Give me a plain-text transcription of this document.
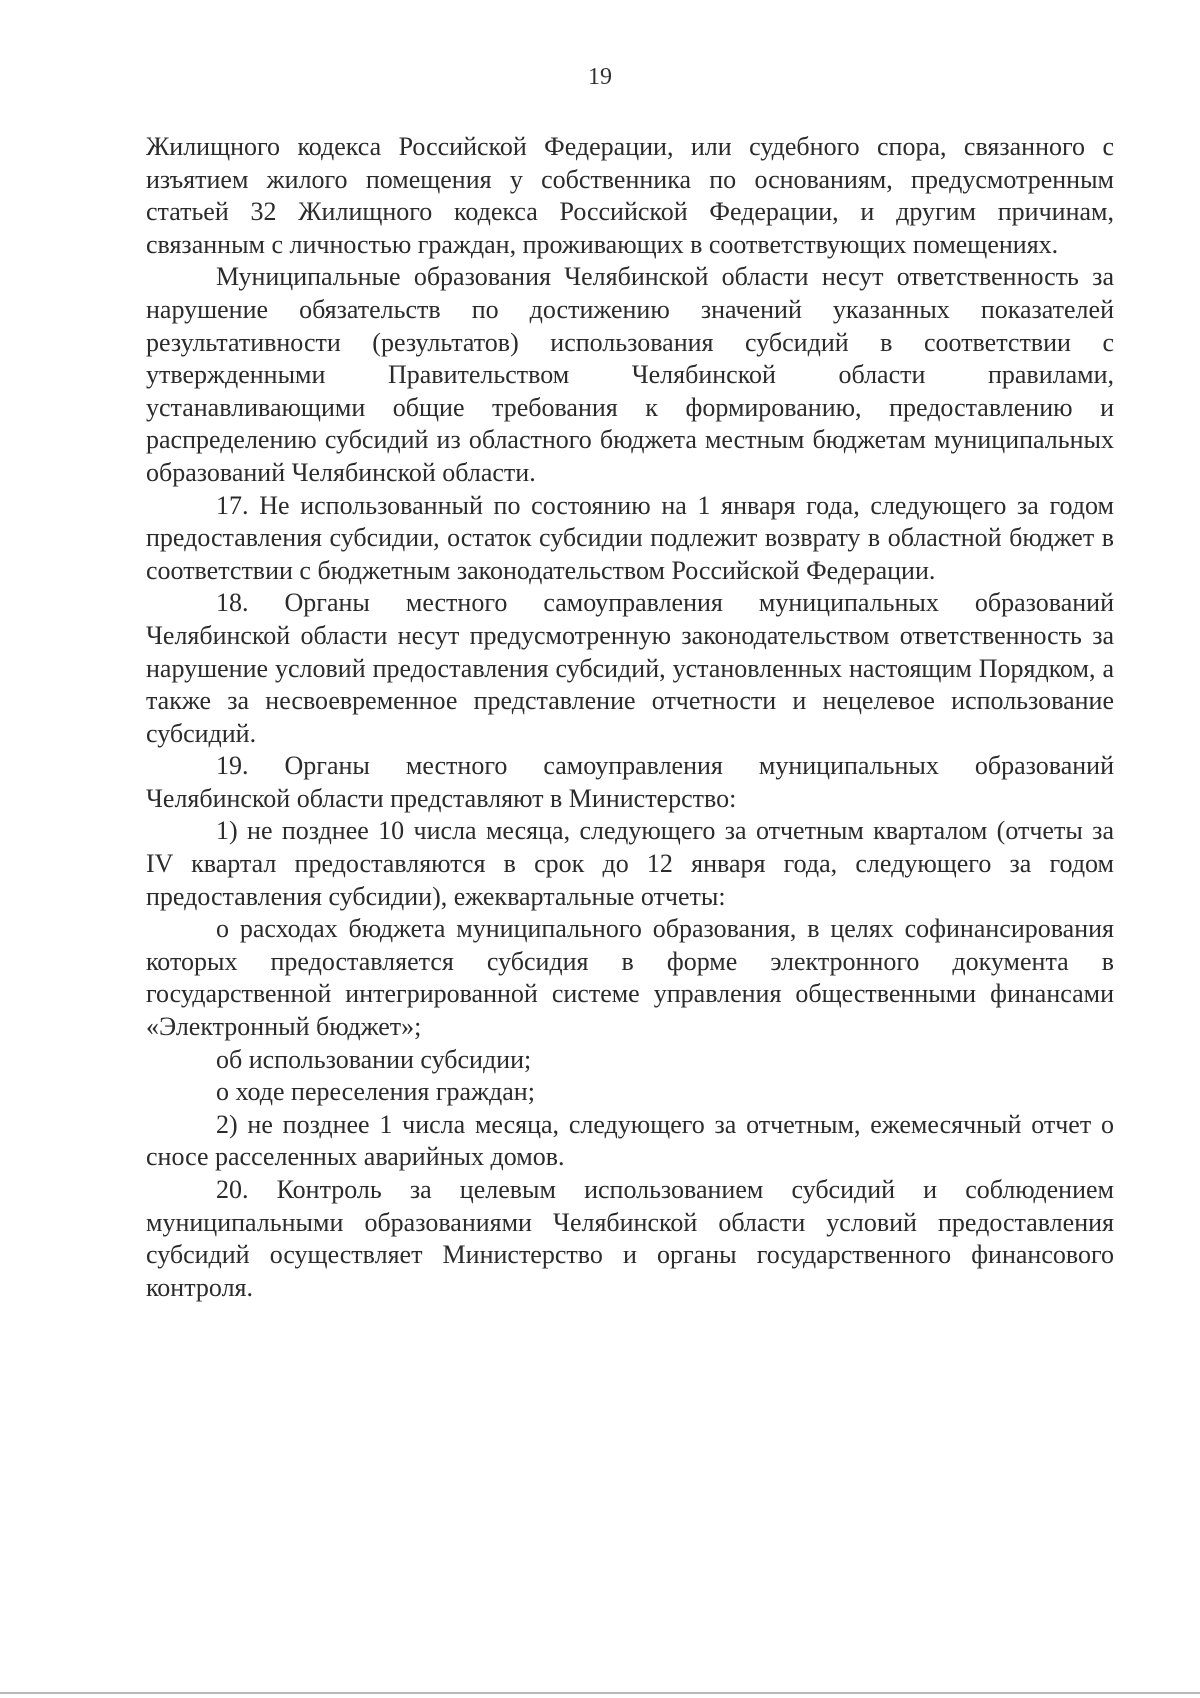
19

Жилищного кодекса Российской Федерации, или судебного спора, связанного с изъятием жилого помещения у собственника по основаниям, предусмотренным статьей 32 Жилищного кодекса Российской Федерации, и другим причинам, связанным с личностью граждан, проживающих в соответствующих помещениях.

Муниципальные образования Челябинской области несут ответственность за нарушение обязательств по достижению значений указанных показателей результативности (результатов) использования субсидий в соответствии с утвержденными Правительством Челябинской области правилами, устанавливающими общие требования к формированию, предоставлению и распределению субсидий из областного бюджета местным бюджетам муниципальных образований Челябинской области.

17. Не использованный по состоянию на 1 января года, следующего за годом предоставления субсидии, остаток субсидии подлежит возврату в областной бюджет в соответствии с бюджетным законодательством Российской Федерации.

18. Органы местного самоуправления муниципальных образований Челябинской области несут предусмотренную законодательством ответственность за нарушение условий предоставления субсидий, установленных настоящим Порядком, а также за несвоевременное представление отчетности и нецелевое использование субсидий.

19. Органы местного самоуправления муниципальных образований Челябинской области представляют в Министерство:

1) не позднее 10 числа месяца, следующего за отчетным кварталом (отчеты за IV квартал предоставляются в срок до 12 января года, следующего за годом предоставления субсидии), ежеквартальные отчеты:

о расходах бюджета муниципального образования, в целях софинансирования которых предоставляется субсидия в форме электронного документа в государственной интегрированной системе управления общественными финансами «Электронный бюджет»;

об использовании субсидии;

о ходе переселения граждан;

2) не позднее 1 числа месяца, следующего за отчетным, ежемесячный отчет о сносе расселенных аварийных домов.

20. Контроль за целевым использованием субсидий и соблюдением муниципальными образованиями Челябинской области условий предоставления субсидий осуществляет Министерство и органы государственного финансового контроля.
